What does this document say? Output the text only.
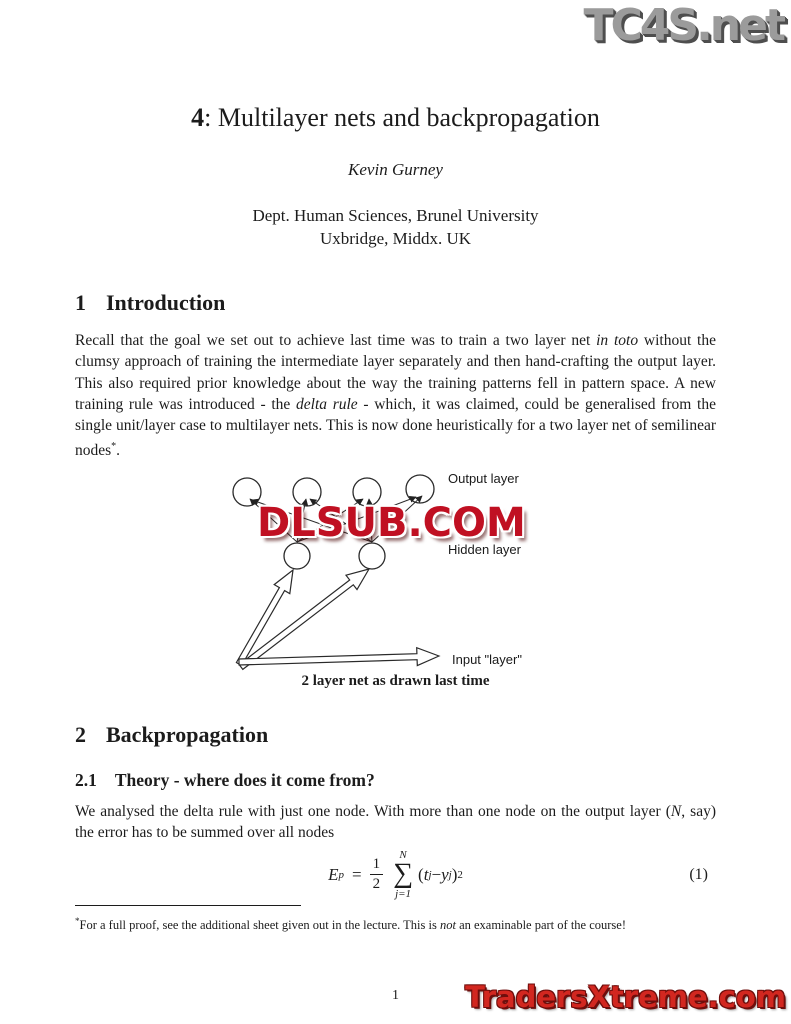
TC4S.net
4: Multilayer nets and backpropagation
Kevin Gurney
Dept. Human Sciences, Brunel University
Uxbridge, Middx. UK
1 Introduction
Recall that the goal we set out to achieve last time was to train a two layer net in toto without the clumsy approach of training the intermediate layer separately and then hand-crafting the output layer. This also required prior knowledge about the way the training patterns fell in pattern space. A new training rule was introduced - the delta rule - which, it was claimed, could be generalised from the single unit/layer case to multilayer nets. This is now done heuristically for a two layer net of semilinear nodes*.
DLSUB.COM
Output layer
Hidden layer
Input "layer"
2 layer net as drawn last time
2 Backpropagation
2.1 Theory - where does it come from?
We analysed the delta rule with just one node. With more than one node on the output layer (N, say) the error has to be summed over all nodes
E $p = \frac{1}{2}$
N
∑
j=1
( t j − y j ) 2	(1)
*For a full proof, see the additional sheet given out in the lecture. This is not an examinable part of the course!
1	TradersXtreme.com
